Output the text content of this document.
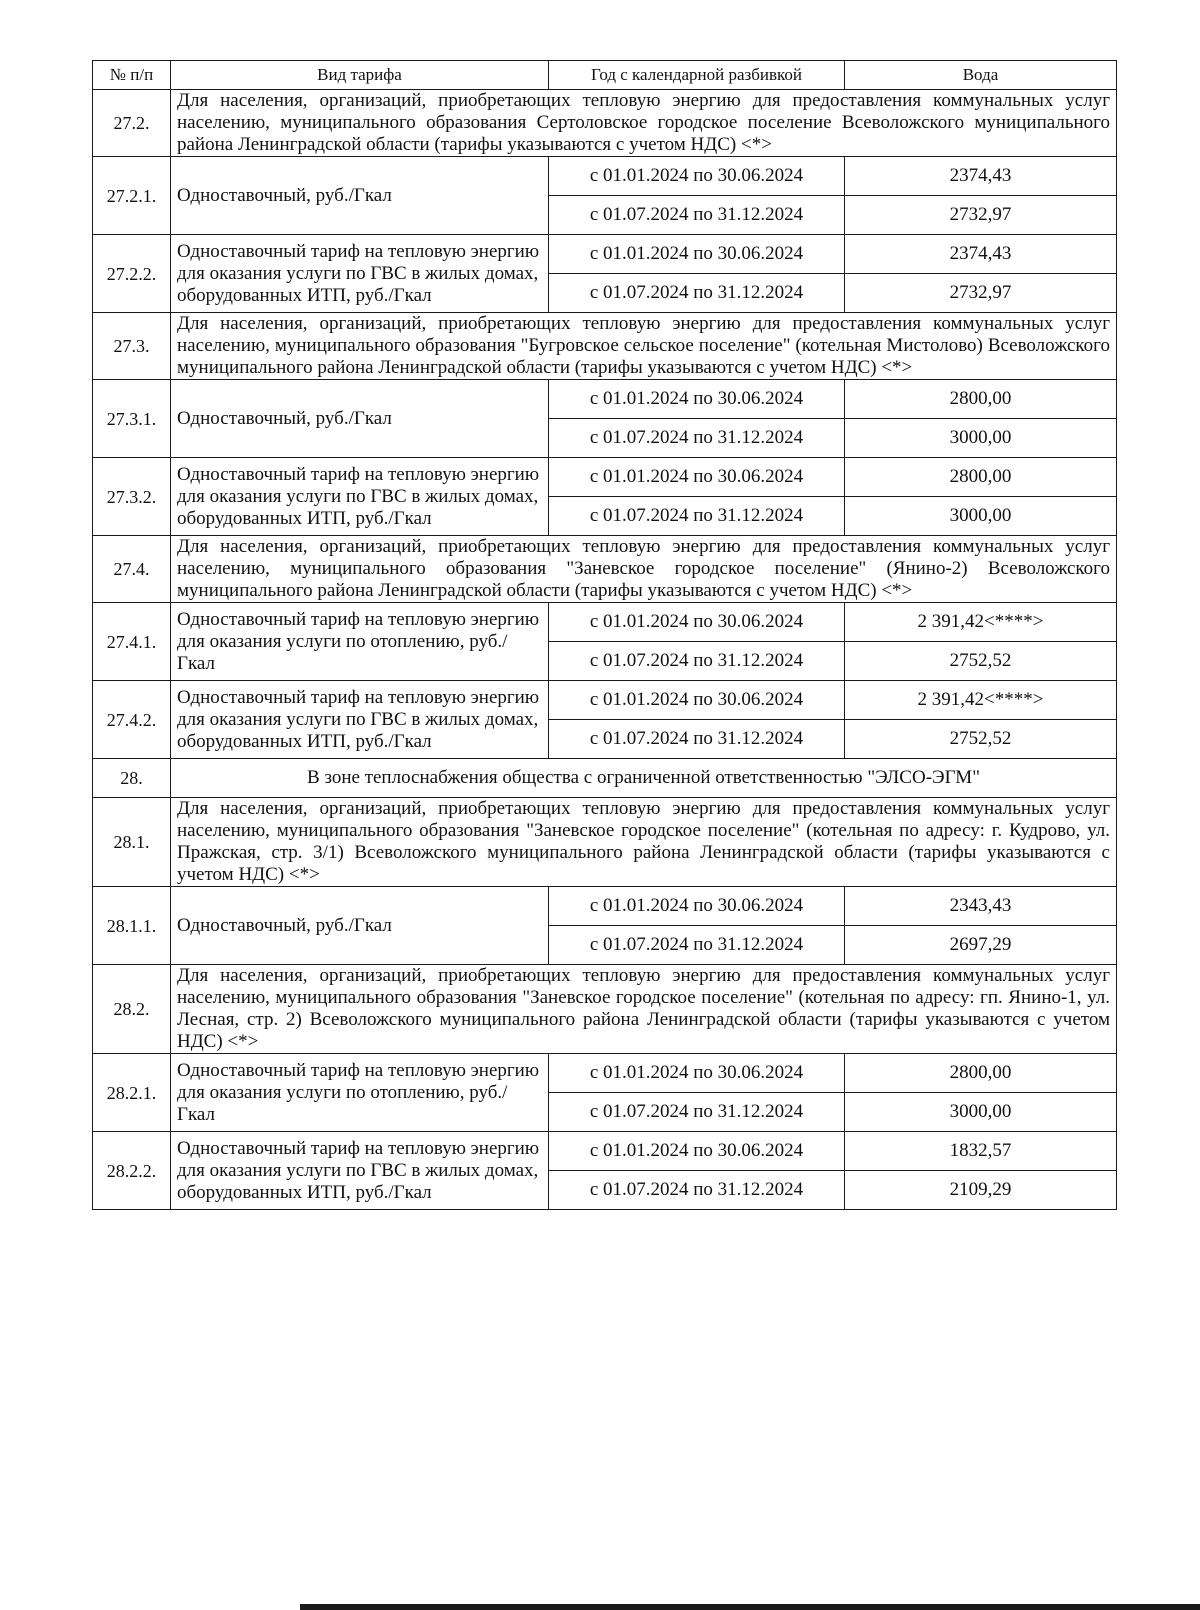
№ п/п	Вид тарифа	Год с календарной разбивкой	Вода
27.2.	Для населения, организаций, приобретающих тепловую энергию для предоставления коммунальных услуг населению, муниципального образования Сертоловское городское поселение Всеволожского муниципального района Ленинградской области (тарифы указываются с учетом НДС) <*>		
27.2.1.	Одноставочный, руб./Гкал	с 01.01.2024 по 30.06.2024	2374,43
		с 01.07.2024 по 31.12.2024	2732,97
27.2.2.	Одноставочный тариф на тепловую энергию для оказания услуги по ГВС в жилых домах, оборудованных ИТП, руб./Гкал	с 01.01.2024 по 30.06.2024	2374,43
		с 01.07.2024 по 31.12.2024	2732,97
27.3.	Для населения, организаций, приобретающих тепловую энергию для предоставления коммунальных услуг населению, муниципального образования "Бугровское сельское поселение" (котельная Мистолово) Всеволожского муниципального района Ленинградской области (тарифы указываются с учетом НДС) <*>		
27.3.1.	Одноставочный, руб./Гкал	с 01.01.2024 по 30.06.2024	2800,00
		с 01.07.2024 по 31.12.2024	3000,00
27.3.2.	Одноставочный тариф на тепловую энергию для оказания услуги по ГВС в жилых домах, оборудованных ИТП, руб./Гкал	с 01.01.2024 по 30.06.2024	2800,00
		с 01.07.2024 по 31.12.2024	3000,00
27.4.	Для населения, организаций, приобретающих тепловую энергию для предоставления коммунальных услуг населению, муниципального образования "Заневское городское поселение" (Янино-2) Всеволожского муниципального района Ленинградской области (тарифы указываются с учетом НДС) <*>		
27.4.1.	Одноставочный тариф на тепловую энергию для оказания услуги по отоплению, руб./Гкал	с 01.01.2024 по 30.06.2024	2 391,42<****>
		с 01.07.2024 по 31.12.2024	2752,52
27.4.2.	Одноставочный тариф на тепловую энергию для оказания услуги по ГВС в жилых домах, оборудованных ИТП, руб./Гкал	с 01.01.2024 по 30.06.2024	2 391,42<****>
		с 01.07.2024 по 31.12.2024	2752,52
28.	В зоне теплоснабжения общества с ограниченной ответственностью "ЭЛСО-ЭГМ"		
28.1.	Для населения, организаций, приобретающих тепловую энергию для предоставления коммунальных услуг населению, муниципального образования "Заневское городское поселение" (котельная по адресу: г. Кудрово, ул. Пражская, стр. 3/1) Всеволожского муниципального района Ленинградской области (тарифы указываются с учетом НДС) <*>		
28.1.1.	Одноставочный, руб./Гкал	с 01.01.2024 по 30.06.2024	2343,43
		с 01.07.2024 по 31.12.2024	2697,29
28.2.	Для населения, организаций, приобретающих тепловую энергию для предоставления коммунальных услуг населению, муниципального образования "Заневское городское поселение" (котельная по адресу: гп. Янино-1, ул. Лесная, стр. 2) Всеволожского муниципального района Ленинградской области (тарифы указываются с учетом НДС) <*>		
28.2.1.	Одноставочный тариф на тепловую энергию для оказания услуги по отоплению, руб./Гкал	с 01.01.2024 по 30.06.2024	2800,00
		с 01.07.2024 по 31.12.2024	3000,00
28.2.2.	Одноставочный тариф на тепловую энергию для оказания услуги по ГВС в жилых домах, оборудованных ИТП, руб./Гкал	с 01.01.2024 по 30.06.2024	1832,57
		с 01.07.2024 по 31.12.2024	2109,29
